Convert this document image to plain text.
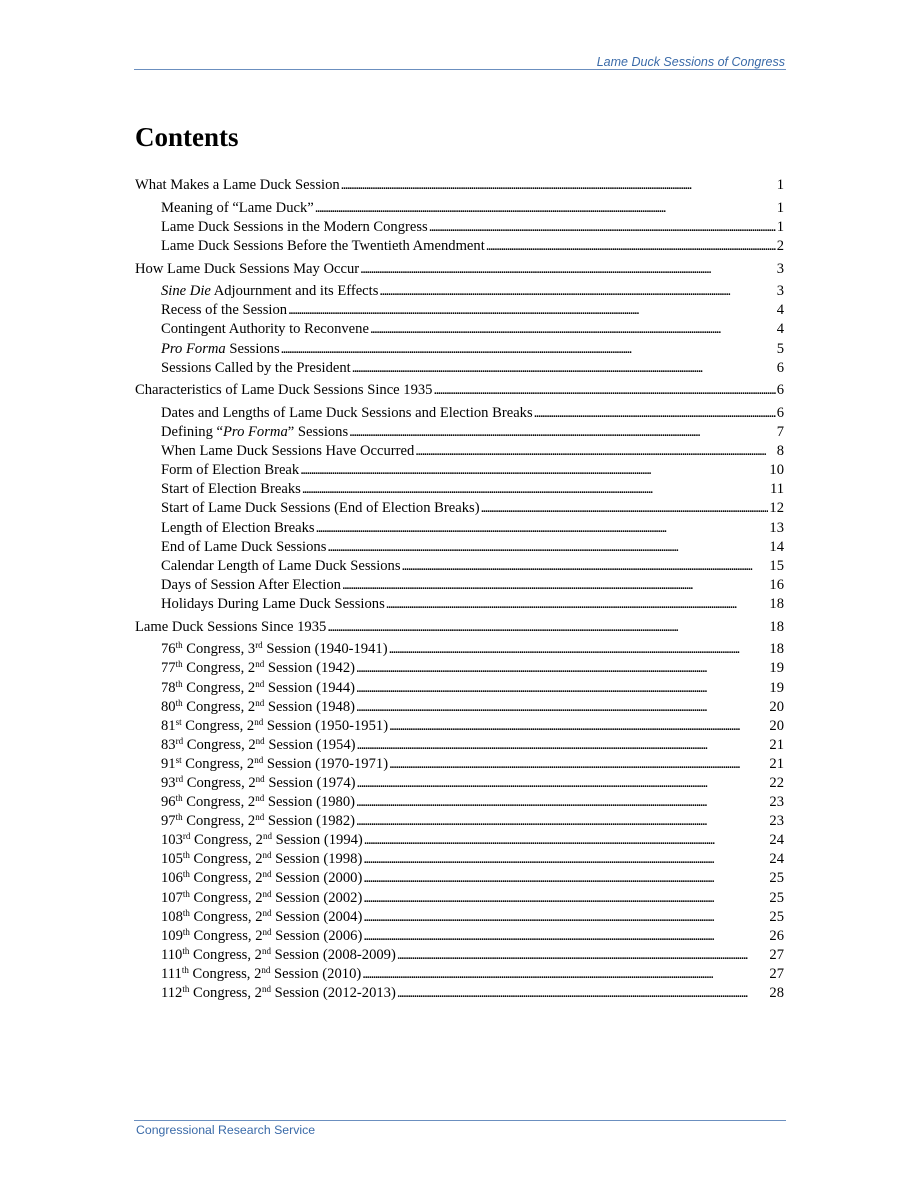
Lame Duck Sessions of Congress
Contents
What Makes a Lame Duck Session . . .	1
Meaning of “Lame Duck” . . .	1
Lame Duck Sessions in the Modern Congress . . .	1
Lame Duck Sessions Before the Twentieth Amendment . . .	2
How Lame Duck Sessions May Occur . . .	3
Sine Die Adjournment and its Effects . . .	3
Recess of the Session . . .	4
Contingent Authority to Reconvene . . .	4
Pro Forma Sessions . . .	5
Sessions Called by the President . . .	6
Characteristics of Lame Duck Sessions Since 1935 . . .	6
Dates and Lengths of Lame Duck Sessions and Election Breaks . . .	6
Defining “Pro Forma” Sessions . . .	7
When Lame Duck Sessions Have Occurred . . .	8
Form of Election Break . . .	10
Start of Election Breaks . . .	11
Start of Lame Duck Sessions (End of Election Breaks) . . .	12
Length of Election Breaks . . .	13
End of Lame Duck Sessions . . .	14
Calendar Length of Lame Duck Sessions . . .	15
Days of Session After Election . . .	16
Holidays During Lame Duck Sessions . . .	18
Lame Duck Sessions Since 1935 . . .	18
76th Congress, 3rd Session (1940-1941) . . .	18
77th Congress, 2nd Session (1942) . . .	19
78th Congress, 2nd Session (1944) . . .	19
80th Congress, 2nd Session (1948) . . .	20
81st Congress, 2nd Session (1950-1951) . . .	20
83rd Congress, 2nd Session (1954) . . .	21
91st Congress, 2nd Session (1970-1971) . . .	21
93rd Congress, 2nd Session (1974) . . .	22
96th Congress, 2nd Session (1980) . . .	23
97th Congress, 2nd Session (1982) . . .	23
103rd Congress, 2nd Session (1994) . . .	24
105th Congress, 2nd Session (1998) . . .	24
106th Congress, 2nd Session (2000) . . .	25
107th Congress, 2nd Session (2002) . . .	25
108th Congress, 2nd Session (2004) . . .	25
109th Congress, 2nd Session (2006) . . .	26
110th Congress, 2nd Session (2008-2009) . . .	27
111th Congress, 2nd Session (2010) . . .	27
112th Congress, 2nd Session (2012-2013) . . .	28
Congressional Research Service
